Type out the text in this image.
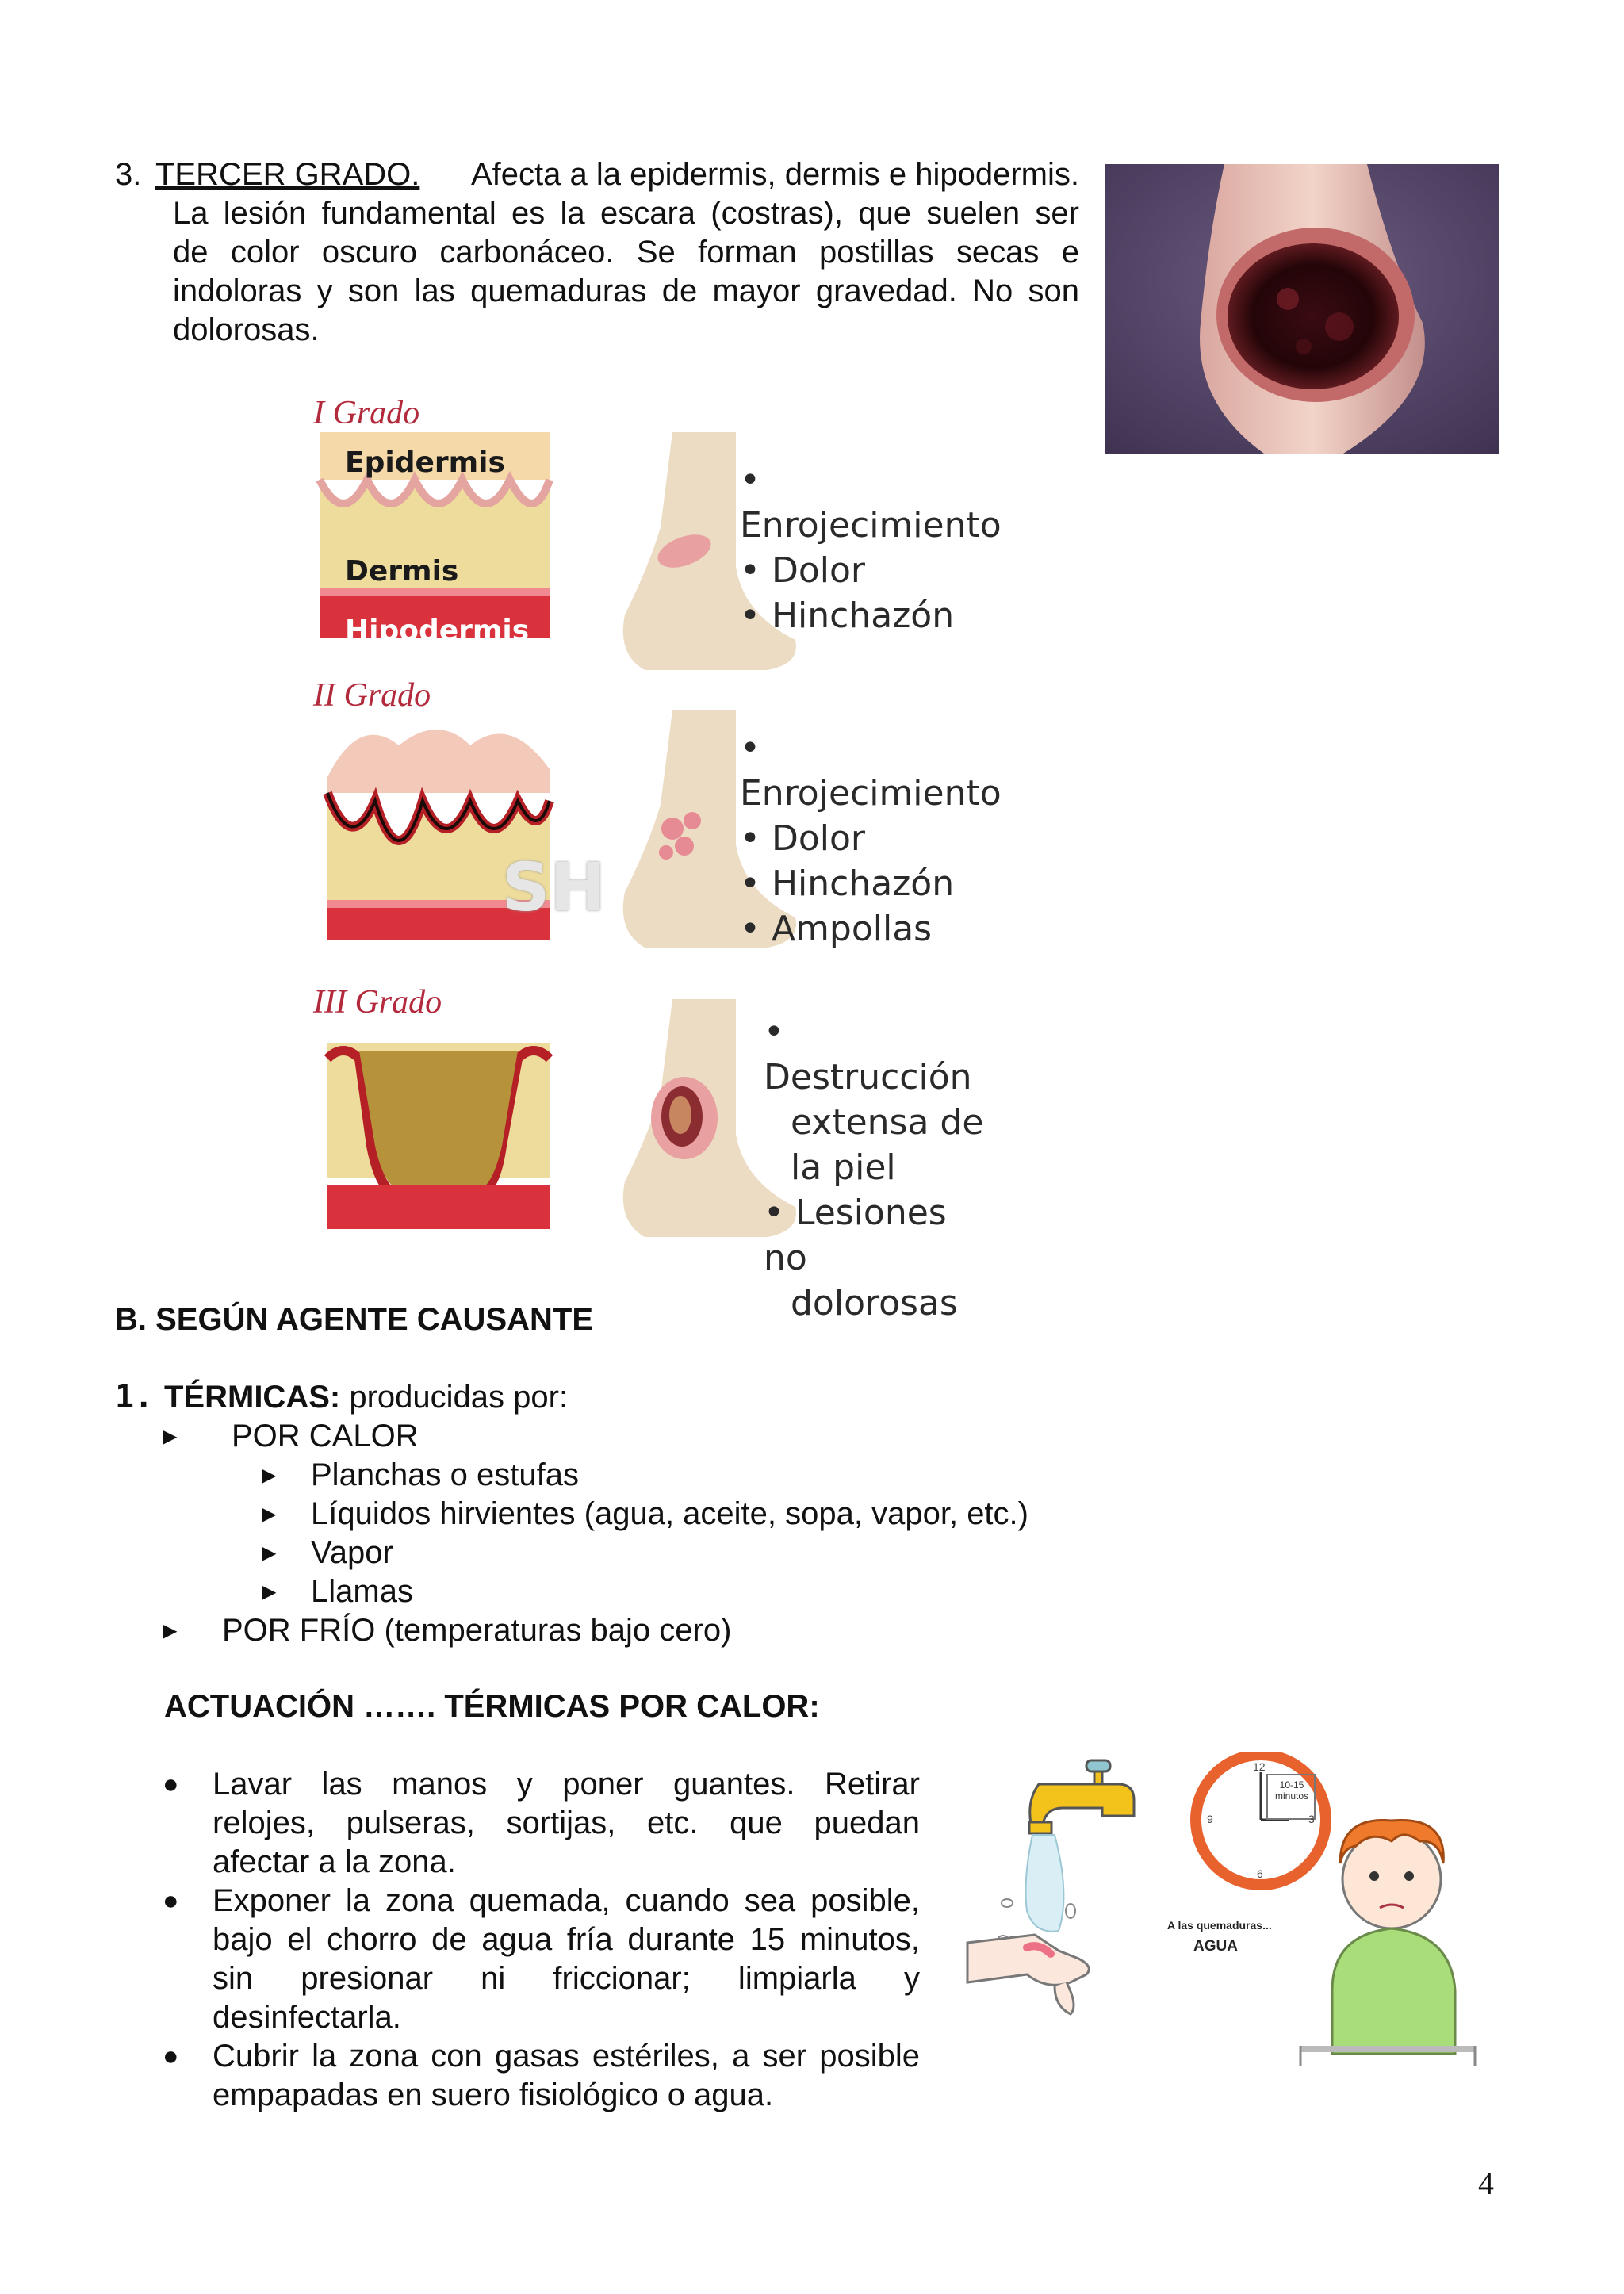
3. TERCER GRADO. Afecta a la epidermis, dermis e hipodermis.
La lesión fundamental es la escara (costras), que suelen ser
de color oscuro carbonáceo. Se forman postillas secas e
indoloras y son las quemaduras de mayor gravedad. No son
dolorosas.
I Grado
Epidermis
Dermis
Hipodermis
• Enrojecimiento
• Dolor
• Hinchazón
II Grado
SH
• Enrojecimiento
• Dolor
• Hinchazón
• Ampollas
III Grado
• Destrucción
extensa de
la piel
• Lesiones no
dolorosas
B. SEGÚN AGENTE CAUSANTE
1. TÉRMICAS: producidas por:
▶ POR CALOR
▶ Planchas o estufas
▶ Líquidos hirvientes (agua, aceite, sopa, vapor, etc.)
▶ Vapor
▶ Llamas
▶ POR FRÍO (temperaturas bajo cero)
ACTUACIÓN ……. TÉRMICAS POR CALOR:
● Lavar las manos y poner guantes. Retirar
relojes, pulseras, sortijas, etc. que puedan
afectar a la zona.
● Exponer la zona quemada, cuando sea posible,
bajo el chorro de agua fría durante 15 minutos,
sin presionar ni friccionar; limpiarla y
desinfectarla.
● Cubrir la zona con gasas estériles, a ser posible
empapadas en suero fisiológico o agua.
12
3
6
9
10-15
minutos
A las quemaduras...
AGUA
4
